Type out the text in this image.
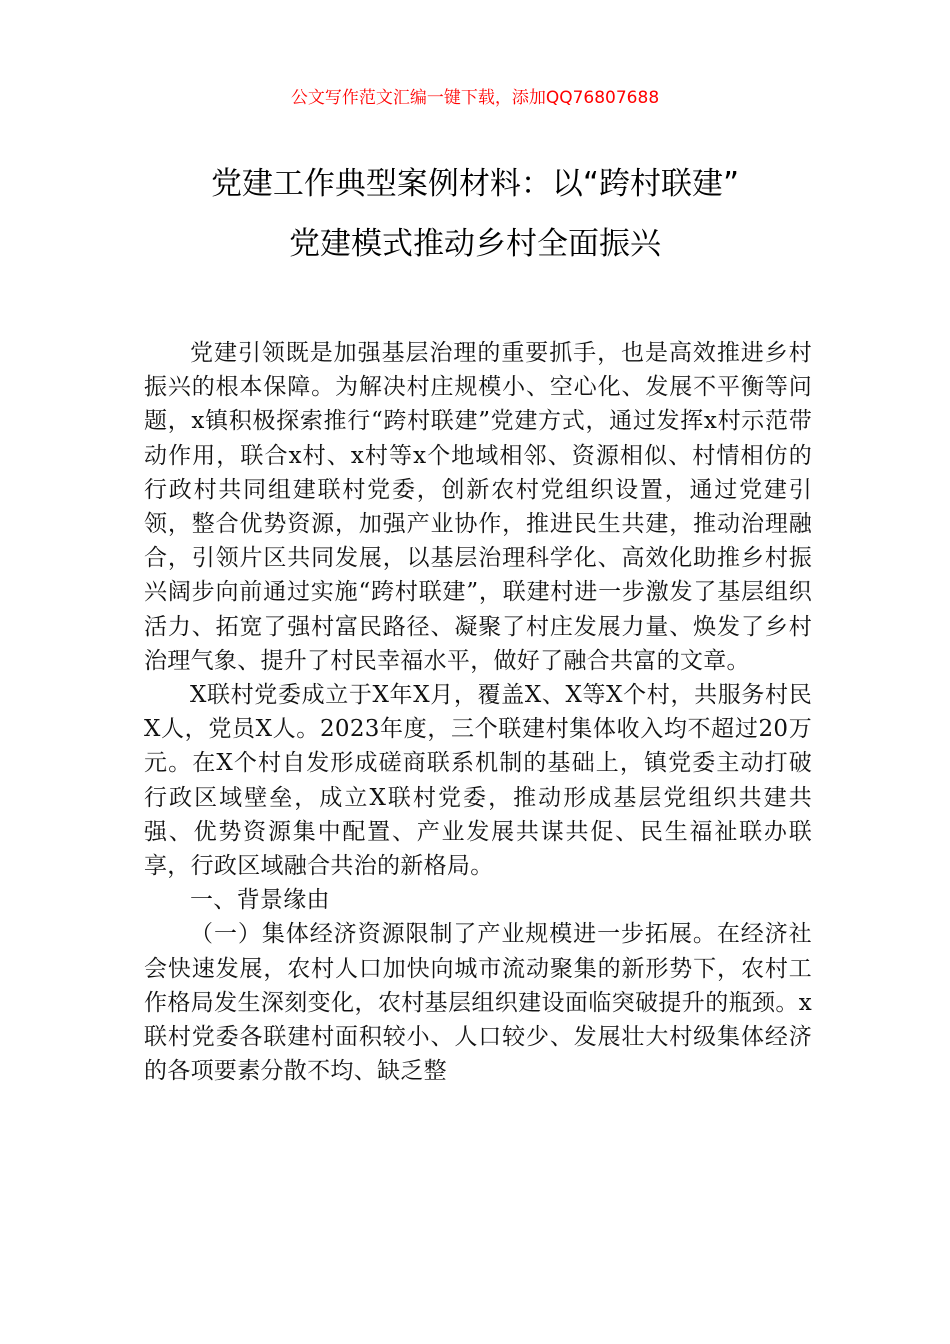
公文写作范文汇编一键下载，添加QQ76807688
党建工作典型案例材料：以“跨村联建”
党建模式推动乡村全面振兴

党建引领既是加强基层治理的重要抓手，也是高效推进乡村振兴的根本保障。为解决村庄规模小、空心化、发展不平衡等问题，x镇积极探索推行“跨村联建”党建方式，通过发挥x村示范带动作用，联合x村、x村等x个地域相邻、资源相似、村情相仿的行政村共同组建联村党委，创新农村党组织设置，通过党建引领，整合优势资源，加强产业协作，推进民生共建，推动治理融合，引领片区共同发展，以基层治理科学化、高效化助推乡村振兴阔步向前通过实施“跨村联建”，联建村进一步激发了基层组织活力、拓宽了强村富民路径、凝聚了村庄发展力量、焕发了乡村治理气象、提升了村民幸福水平，做好了融合共富的文章。

X联村党委成立于X年X月，覆盖X、X等X个村，共服务村民X人，党员X人。2023年度，三个联建村集体收入均不超过20万元。在X个村自发形成磋商联系机制的基础上，镇党委主动打破行政区域壁垒，成立X联村党委，推动形成基层党组织共建共强、优势资源集中配置、产业发展共谋共促、民生福祉联办联享，行政区域融合共治的新格局。

一、背景缘由

（一）集体经济资源限制了产业规模进一步拓展。在经济社会快速发展，农村人口加快向城市流动聚集的新形势下，农村工作格局发生深刻变化，农村基层组织建设面临突破提升的瓶颈。x联村党委各联建村面积较小、人口较少、发展壮大村级集体经济的各项要素分散不均、缺乏整
